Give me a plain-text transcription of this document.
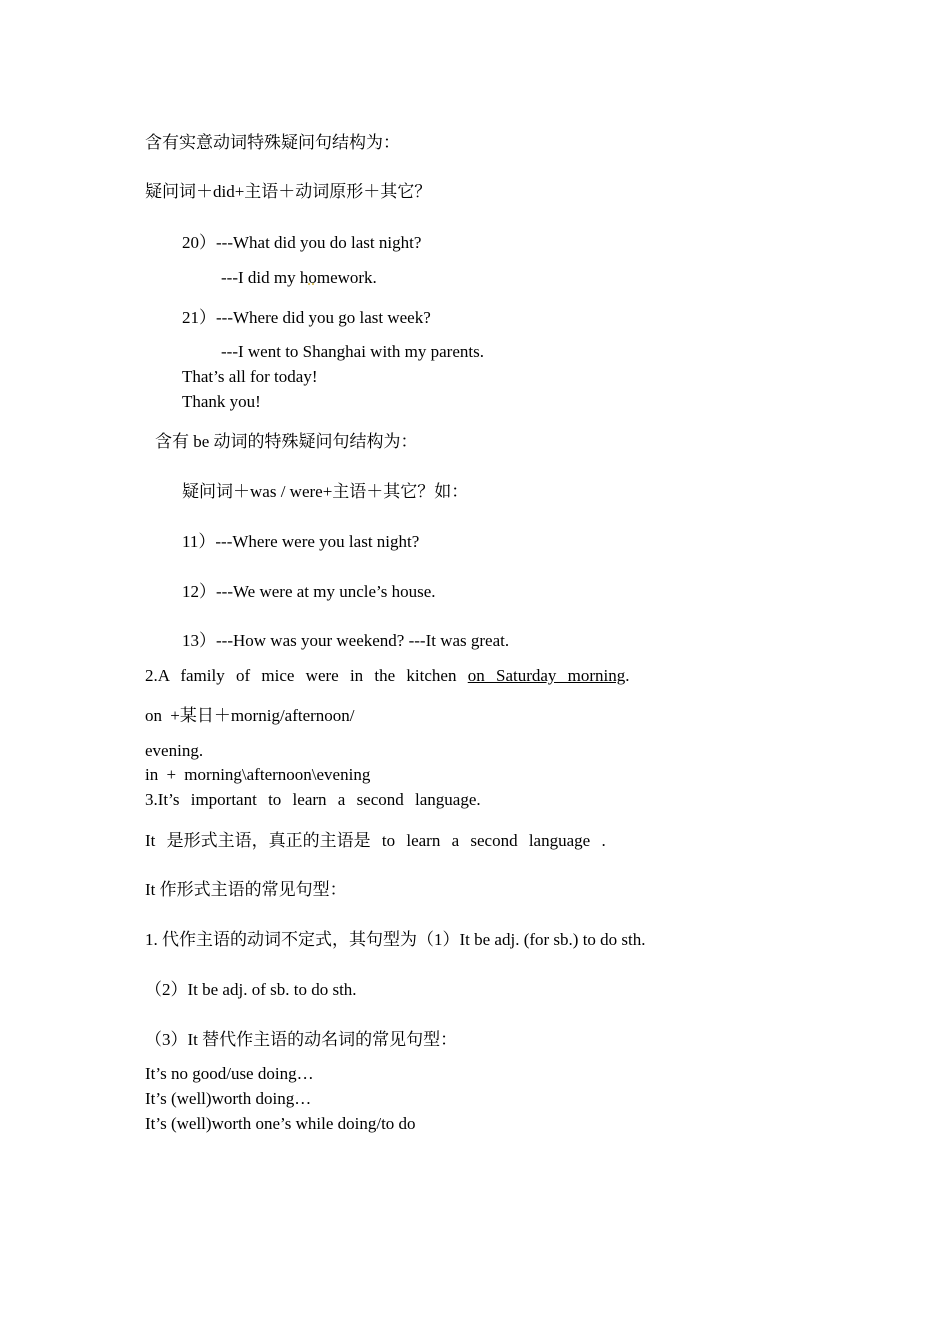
含有实意动词特殊疑问句结构为：
疑问词＋did+主语＋动词原形＋其它？
20）---What did you do last night?
---I did my homework.
21）---Where did you go last week?
---I went to Shanghai with my parents.
That’s all for today!
Thank you!
含有 be 动词的特殊疑问句结构为：
疑问词＋was / were+主语＋其它？如：
11）---Where were you last night?
12）---We were at my uncle’s house.
13）---How was your weekend? ---It was great.
2.A family of mice were in the kitchen on Saturday morning.
on +某日＋mornig/afternoon/
evening.
in + morning\afternoon\evening
3.It’s important to learn a second language.
It 是形式主语，真正的主语是 to learn a second language .
It 作形式主语的常见句型：
1. 代作主语的动词不定式，其句型为（1）It be adj. (for sb.) to do sth.
（2）It be adj. of sb. to do sth.
（3）It 替代作主语的动名词的常见句型：
It’s no good/use doing…
It’s (well)worth doing…
It’s (well)worth one’s while doing/to do
